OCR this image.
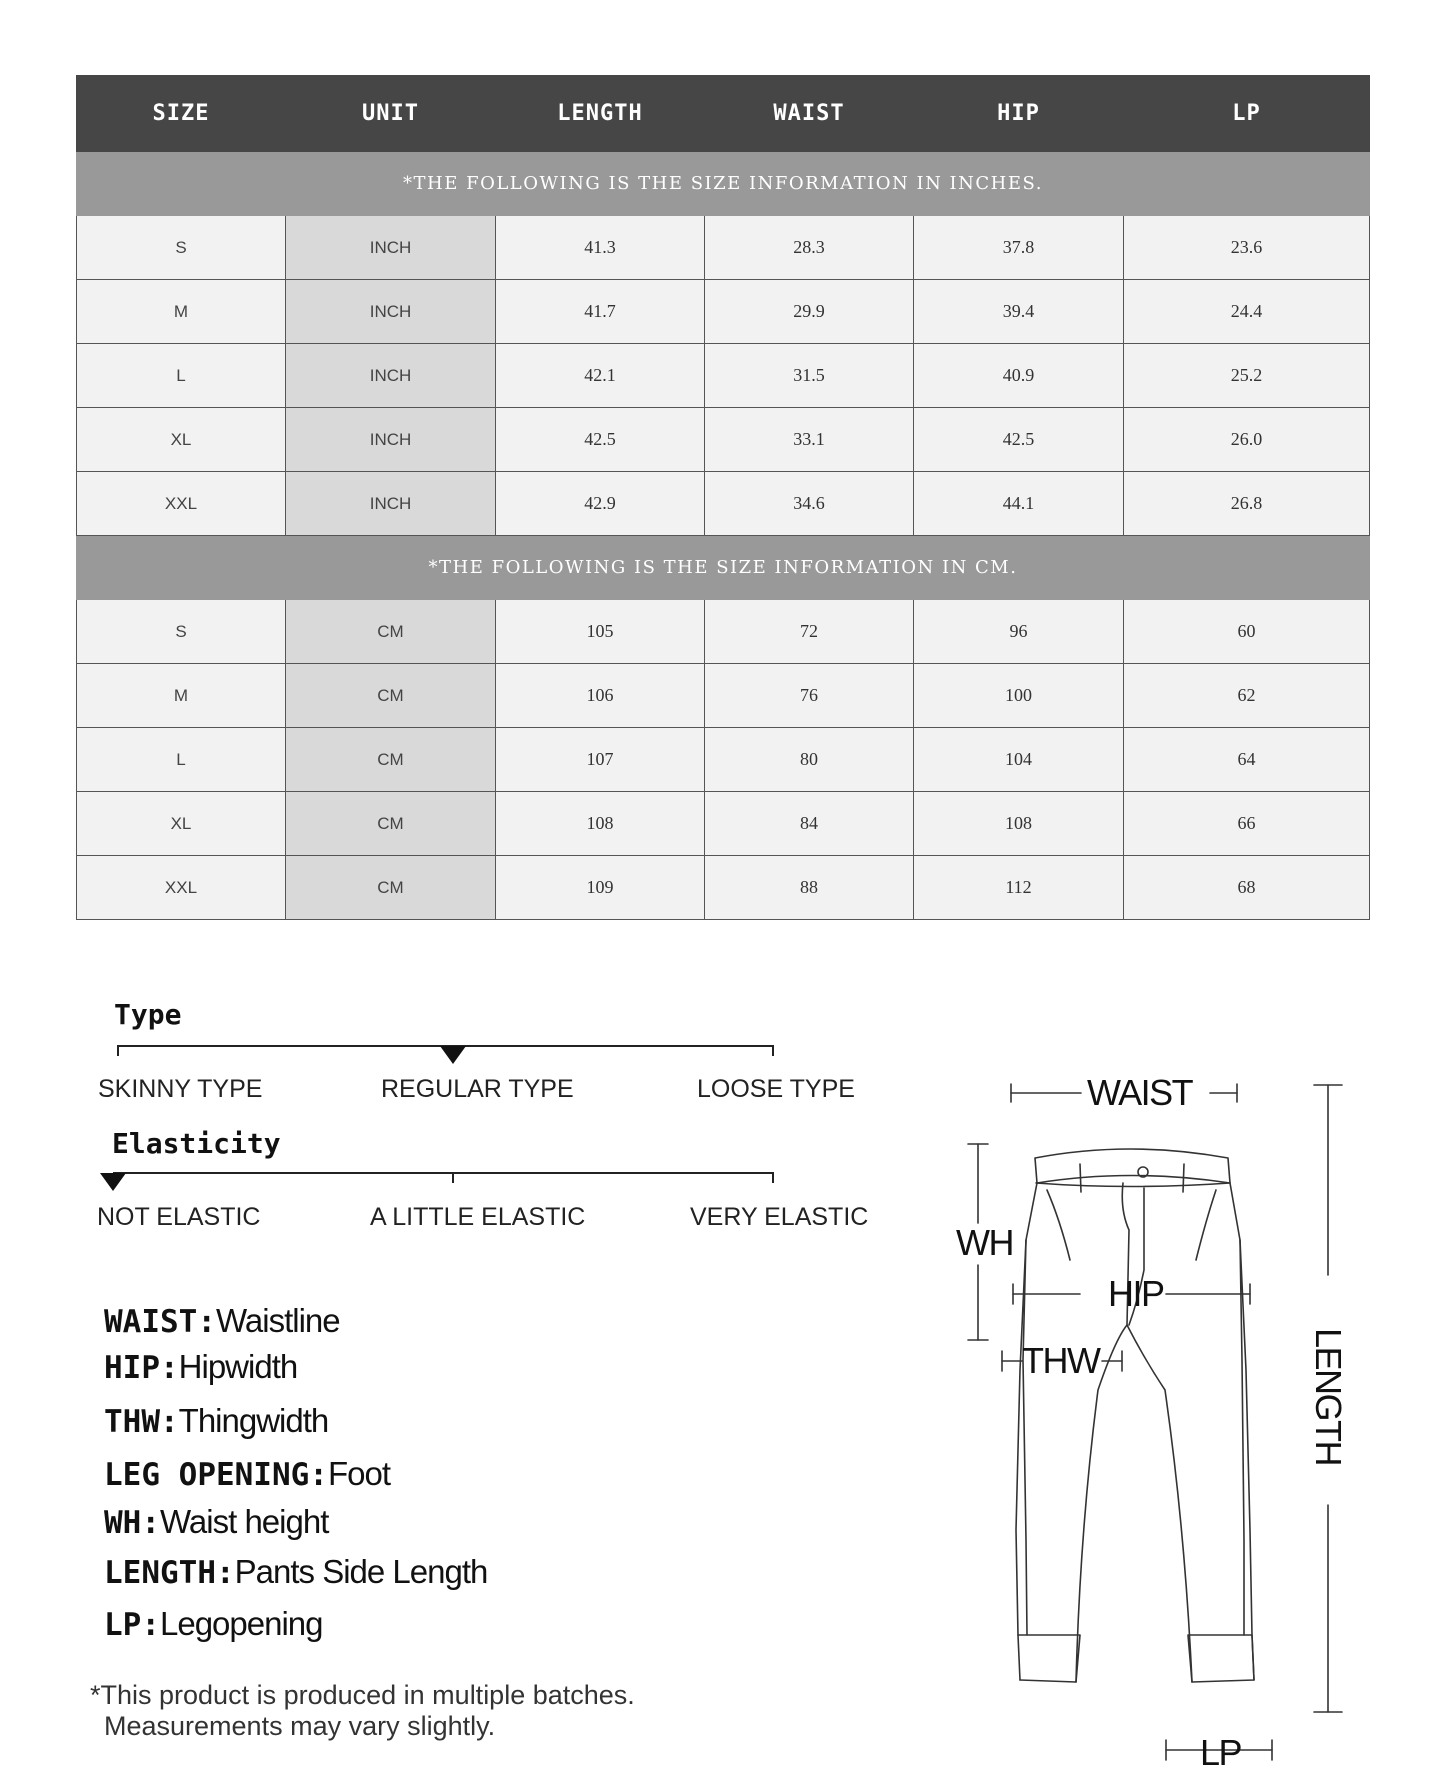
SIZE	UNIT	LENGTH	WAIST	HIP	LP
*THE FOLLOWING IS THE SIZE INFORMATION IN INCHES.					
S	INCH	41.3	28.3	37.8	23.6
M	INCH	41.7	29.9	39.4	24.4
L	INCH	42.1	31.5	40.9	25.2
XL	INCH	42.5	33.1	42.5	26.0
XXL	INCH	42.9	34.6	44.1	26.8
*THE FOLLOWING IS THE SIZE INFORMATION IN CM.					
S	CM	105	72	96	60
M	CM	106	76	100	62
L	CM	107	80	104	64
XL	CM	108	84	108	66
XXL	CM	109	88	112	68
Type
SKINNY TYPE	REGULAR TYPE	LOOSE TYPE
Elasticity
NOT ELASTIC	A LITTLE ELASTIC	VERY ELASTIC
WAIST:Waistline
HIP:Hipwidth
THW:Thingwidth
LEG OPENING:Foot
WH:Waist height
LENGTH:Pants Side Length
LP:Legopening
*This product is produced in multiple batches.
Measurements may vary slightly.
WAIST
WH
HIP
THW	LENGTH
LP
